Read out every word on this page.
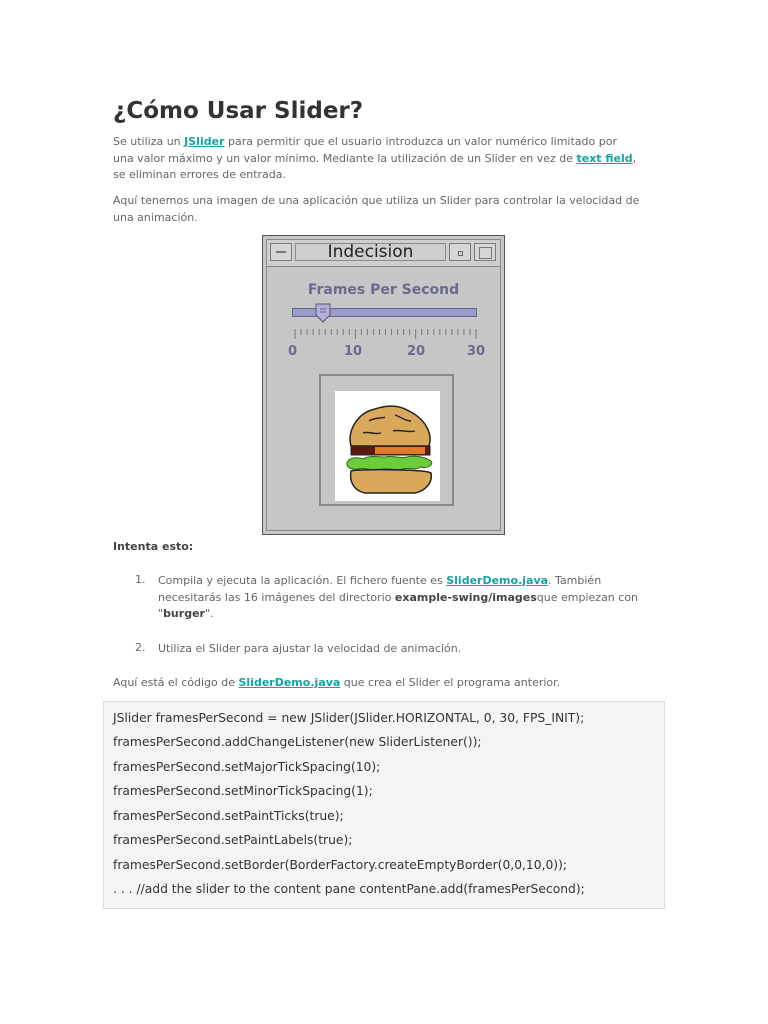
¿Cómo Usar Slider?
Se utiliza un JSlider para permitir que el usuario introduzca un valor numérico limitado por
una valor máximo y un valor mínimo. Mediante la utilización de un Slider en vez de text field,
se eliminan errores de entrada.
Aquí tenemos una imagen de una aplicación que utiliza un Slider para controlar la velocidad de
una animación.
Indecision
Frames Per Second
0	10	20	30
Intenta esto:
1. Compila y ejecuta la aplicación. El fichero fuente es SliderDemo.java. También
necesitarás las 16 imágenes del directorio example-swing/imagesque empiezan con
"burger".
2. Utiliza el Slider para ajustar la velocidad de animación.
Aquí está el código de SliderDemo.java que crea el Slider el programa anterior.
JSlider framesPerSecond = new JSlider(JSlider.HORIZONTAL, 0, 30, FPS_INIT);
framesPerSecond.addChangeListener(new SliderListener());
framesPerSecond.setMajorTickSpacing(10);
framesPerSecond.setMinorTickSpacing(1);
framesPerSecond.setPaintTicks(true);
framesPerSecond.setPaintLabels(true);
framesPerSecond.setBorder(BorderFactory.createEmptyBorder(0,0,10,0));
. . . //add the slider to the content pane contentPane.add(framesPerSecond);
